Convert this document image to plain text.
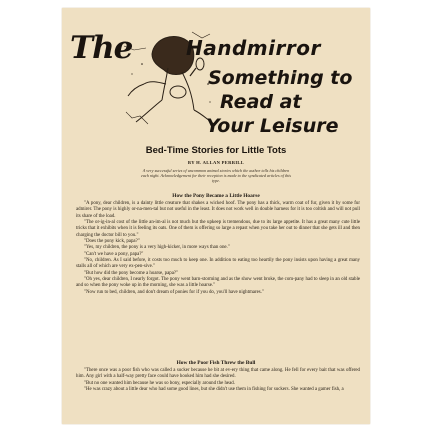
The	Handmirror
Something to
Read at
Your Leisure
Bed-Time Stories for Little Tots
BY H. ALLAN PERRILL
A very successful series of uncommon animal stories which the author tells his children each night. Acknowledgement for their reception is made to the syndicated articles of this type.
How the Pony Became a Little Hoarse

"A pony, dear children, is a dainty little creature that shakes a wicked hoof. The pony has a thick, warm coat of fur, given it by some fur admirer. The pony is highly or-na-men-tal but not useful in the least. It does not work well in double harness for it is too coltish and will not pull its share of the load.

"The or-ig-in-al cost of the little an-im-al is not much but the upkeep is tremendous, due to its large appetite. It has a great many cute little tricks that it exhibits when it is feeling its oats. One of them is offering so large a repast when you take her out to dinner that she gets ill and then charging the doctor bill to you."

"Does the pony kick, papa?"

"Yes, my children, the pony is a very high-kicker, in more ways than one."

"Can't we have a pony, papa?"

"No, children. As I said before, it costs too much to keep one. In addition to eating too heartily the pony insists upon having a great many stalls all of which are very ex-pen-sive."

"But how did the pony become a hoarse, papa?"

"Oh yes, dear children, I nearly forgot. The pony went barn-storming and as the show went broke, the com-pany had to sleep in an old stable and so when the pony woke up in the morning, she was a little hoarse."

"Now run to bed, children, and don't dream of ponies for if you do, you'll have nightmares."

How the Poor Fish Threw the Bull

"There once was a poor fish who was called a sucker because he bit at ev-ery thing that came along. He fell for every bait that was offered him. Any girl with a half-way pretty face could have hooked him had she desired.

"But no one wanted him because he was so bony, especially around the head.

"He was crazy about a little dear who had some good lines, but she didn't use them in fishing for suckers. She wanted a gamer fish, a
